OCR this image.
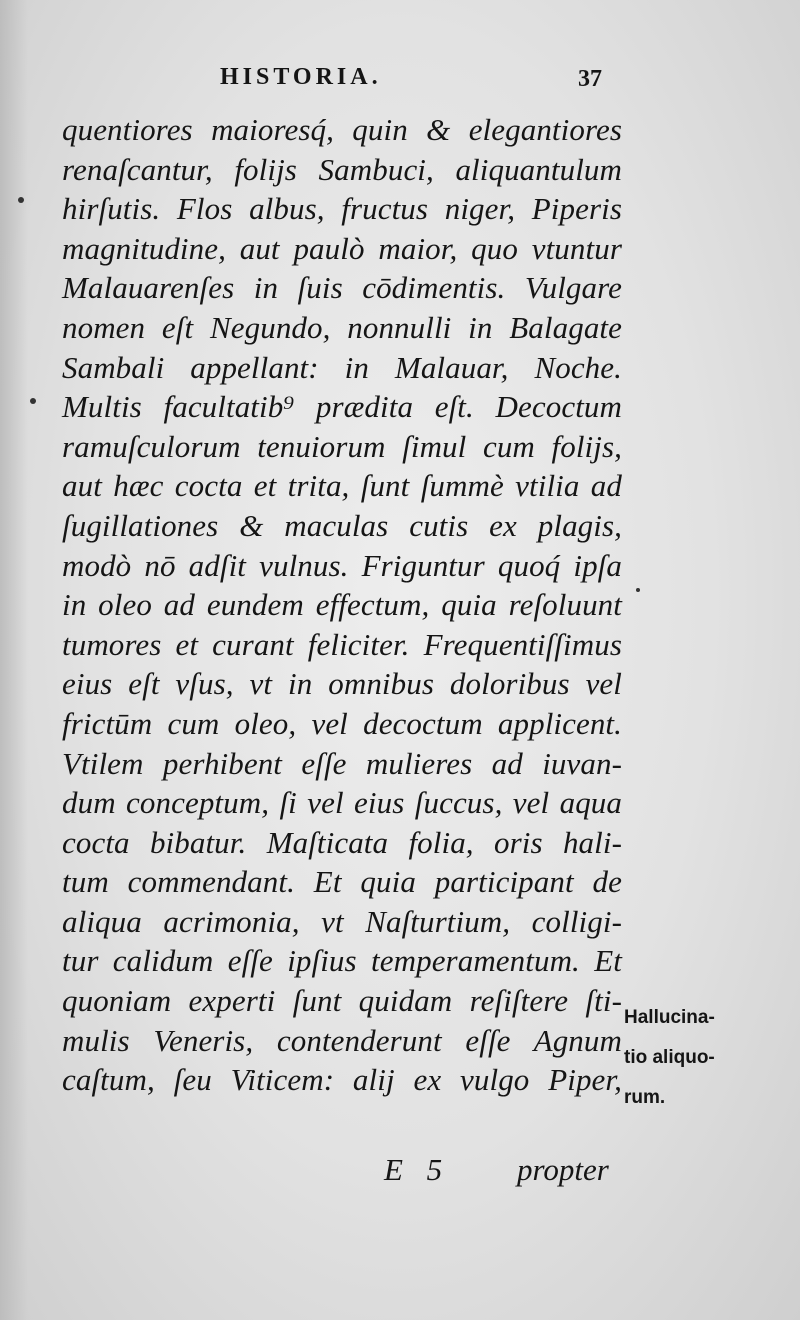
HISTORIA.	37
quentiores maioresq́, quin & elegantiores
renaſcantur, folijs Sambuci, aliquantulum
hirſutis. Flos albus, fructus niger, Piperis
magnitudine, aut paulò maior, quo vtuntur
Malauarenſes in ſuis cōdimentis. Vulgare
nomen eſt Negundo, nonnulli in Balagate
Sambali appellant: in Malauar, Noche.
Multis facultatib⁹ prædita eſt. Decoctum
ramuſculorum tenuiorum ſimul cum folijs,
aut hæc cocta et trita, ſunt ſummè vtilia ad
ſugillationes & maculas cutis ex plagis,
modò nō adſit vulnus. Friguntur quoq́ ipſa
in oleo ad eundem effectum, quia reſoluunt
tumores et curant feliciter. Frequentiſſimus
eius eſt vſus, vt in omnibus doloribus vel
frictūm cum oleo, vel decoctum applicent.
Vtilem perhibent eſſe mulieres ad iuvan-
dum conceptum, ſi vel eius ſuccus, vel aqua
cocta bibatur. Maſticata folia, oris hali-
tum commendant. Et quia participant de
aliqua acrimonia, vt Naſturtium, colligi-
tur calidum eſſe ipſius temperamentum. Et
quoniam experti ſunt quidam reſiſtere ſti-
mulis Veneris, contenderunt eſſe Agnum
caſtum, ſeu Viticem: alij ex vulgo Piper,
Hallucina-
tio aliquo-
rum.
E 5 propter
